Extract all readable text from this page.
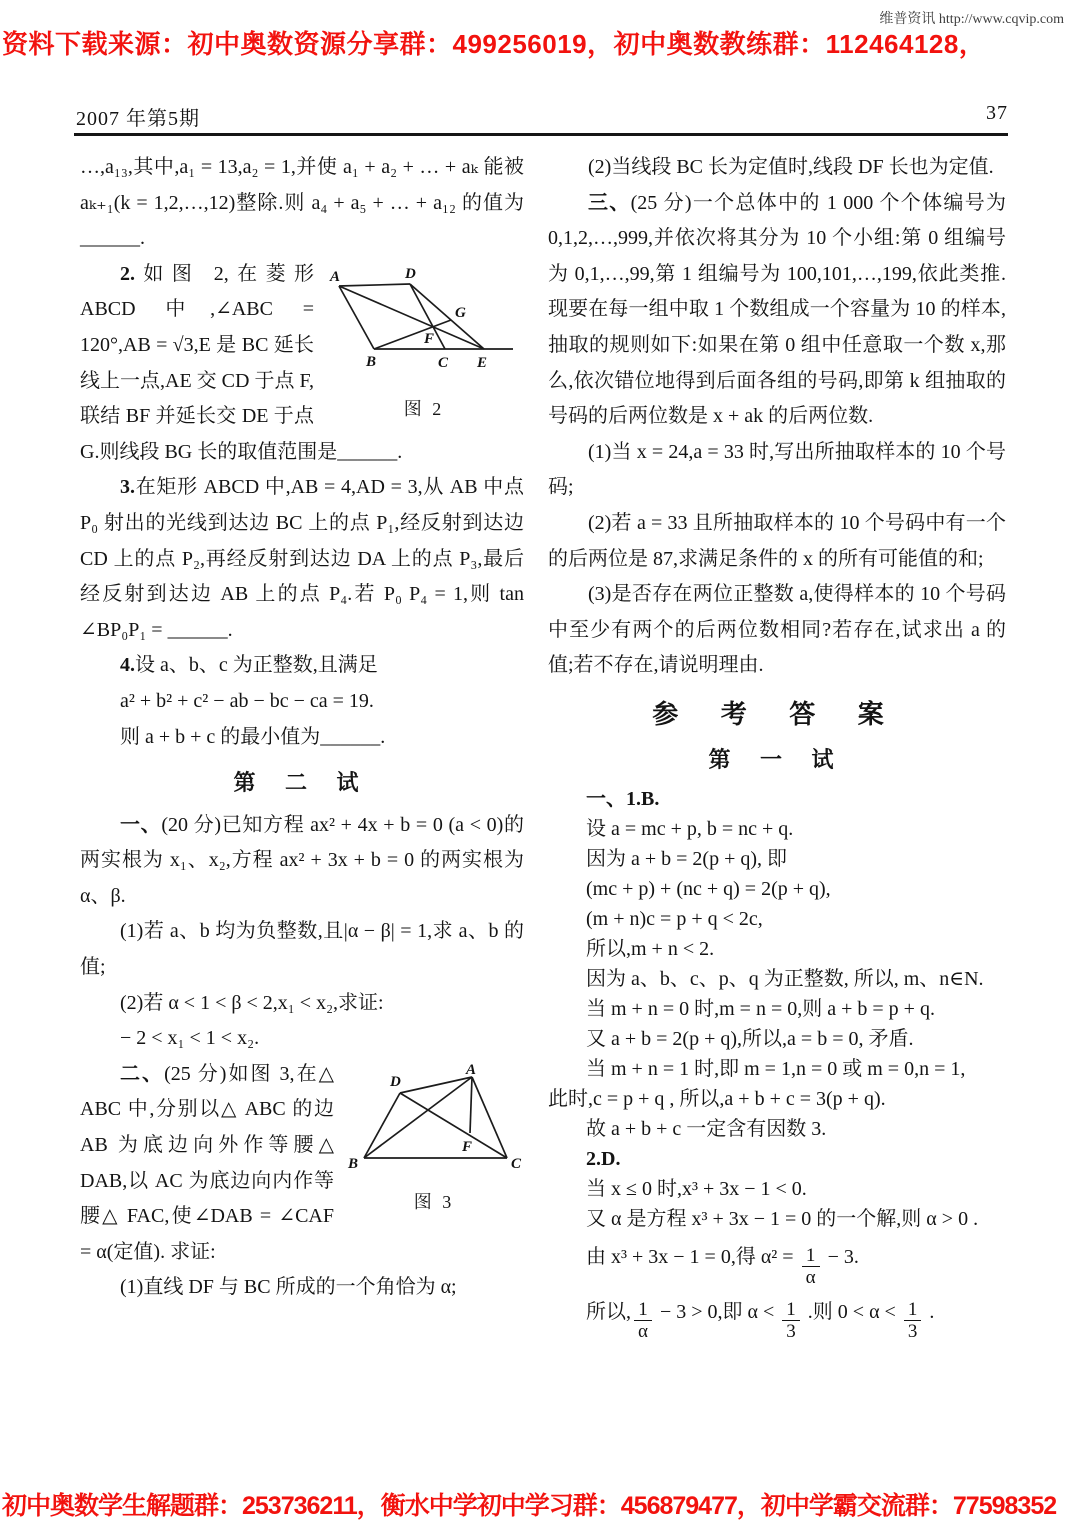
资料下载来源：初中奥数资源分享群：499256019，初中奥数教练群：112464128，
维普资讯 http://www.cqvip.com
37
2007 年第5期

…,a₁₃,其中,a₁ = 13,a₂ = 1,并使 a₁ + a₂ + … + aₖ 能被 aₖ₊₁(k = 1,2,…,12)整除.则 a₄ + a₅ + … + a₁₂ 的值为______.

A	D
G
F
B	C E
图 2

2.如图 2,在菱形 ABCD 中,∠ABC = 120°,AB = √3,E 是 BC 延长线上一点,AE 交 CD 于点 F,联结 BF 并延长交 DE 于点 G.则线段 BG 长的取值范围是______.

3.在矩形 ABCD 中,AB = 4,AD = 3,从 AB 中点 P₀ 射出的光线到达边 BC 上的点 P₁,经反射到达边 CD 上的点 P₂,再经反射到达边 DA 上的点 P₃,最后经反射到达边 AB 上的点 P₄.若 P₀ P₄ = 1,则 tan ∠BP₀P₁ = ______.

4.设 a、b、c 为正整数,且满足

a² + b² + c² − ab − bc − ca = 19.

则 a + b + c 的最小值为______.

第 二 试

一、(20 分)已知方程 ax² + 4x + b = 0 (a < 0)的两实根为 x₁、x₂,方程 ax² + 3x + b = 0 的两实根为 α、β.

(1)若 a、b 均为负整数,且|α − β| = 1,求 a、b 的值;

(2)若 α < 1 < β < 2,x₁ < x₂,求证:

− 2 < x₁ < 1 < x₂.

A
D
F
B	C
图 3

二、(25 分)如图 3,在△ ABC 中,分别以△ ABC 的边 AB 为底边向外作等腰△ DAB,以 AC 为底边向内作等腰△ FAC,使∠DAB = ∠CAF = α(定值). 求证:

(1)直线 DF 与 BC 所成的一个角恰为 α;

(2)当线段 BC 长为定值时,线段 DF 长也为定值.

三、(25 分)一个总体中的 1 000 个个体编号为 0,1,2,…,999,并依次将其分为 10 个小组:第 0 组编号为 0,1,…,99,第 1 组编号为 100,101,…,199,依此类推.现要在每一组中取 1 个数组成一个容量为 10 的样本,抽取的规则如下:如果在第 0 组中任意取一个数 x,那么,依次错位地得到后面各组的号码,即第 k 组抽取的号码的后两位数是 x + ak 的后两位数.

(1)当 x = 24,a = 33 时,写出所抽取样本的 10 个号码;

(2)若 a = 33 且所抽取样本的 10 个号码中有一个的后两位是 87,求满足条件的 x 的所有可能值的和;

(3)是否存在两位正整数 a,使得样本的 10 个号码中至少有两个的后两位数相同?若存在,试求出 a 的值;若不存在,请说明理由.

参 考 答 案
第 一 试

一、1.B.

设 a = mc + p, b = nc + q.

因为 a + b = 2(p + q), 即

(mc + p) + (nc + q) = 2(p + q),

(m + n)c = p + q < 2c,

所以,m + n < 2.

因为 a、b、c、p、q 为正整数, 所以, m、n∈N.

当 m + n = 0 时,m = n = 0,则 a + b = p + q.

又 a + b = 2(p + q),所以,a = b = 0, 矛盾.

当 m + n = 1 时,即 m = 1,n = 0 或 m = 0,n = 1,

此时,c = p + q , 所以,a + b + c = 3(p + q).

故 a + b + c 一定含有因数 3.

2.D.

当 x ≤ 0 时,x³ + 3x − 1 < 0.

又 α 是方程 x³ + 3x − 1 = 0 的一个解,则 α > 0 .

由 x³ + 3x − 1 = 0,得 $\alpha^2 = \frac{1}{\alpha} - 3$.

所以, $\frac{1}{\alpha} - 3 > 0$,即 $\alpha < \frac{1}{3}$ .则 $0 < \alpha < \frac{1}{3}$ .

初中奥数学生解题群：253736211，衡水中学初中学习群：456879477，初中学霸交流群：77598352
